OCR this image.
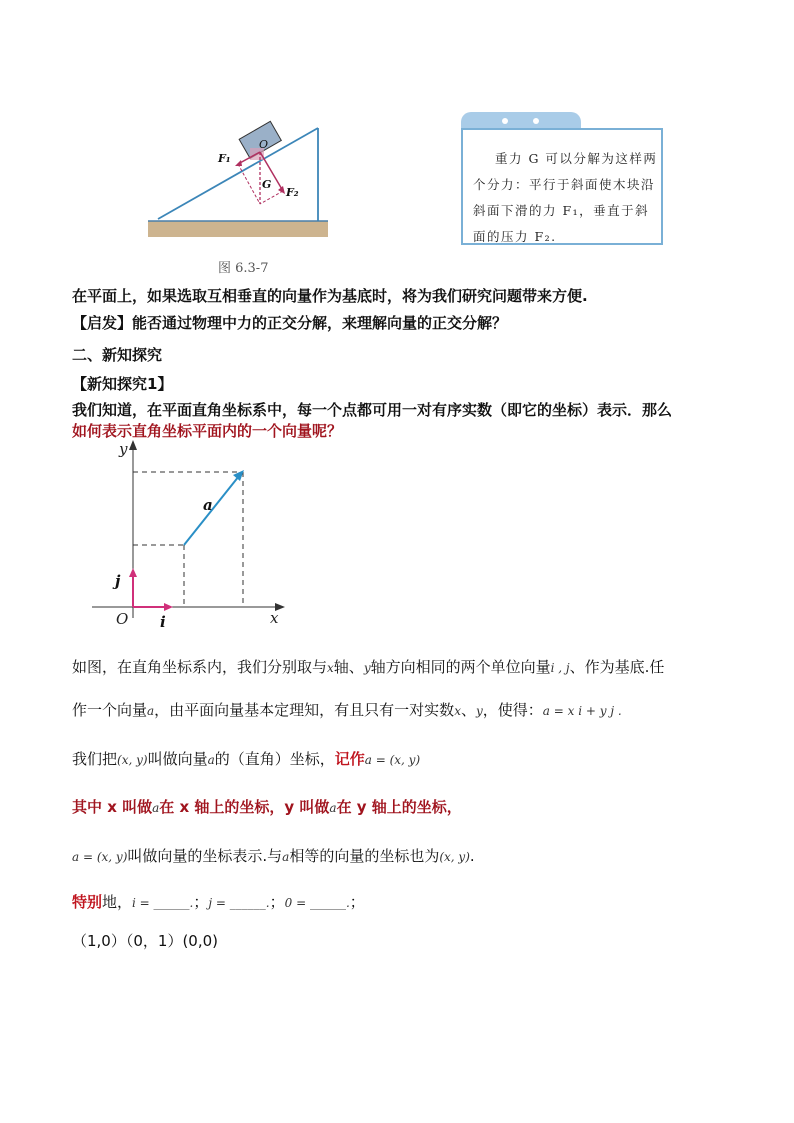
O
F₁
G
F₂
图 6.3-7
重力 G 可以分解为这样两个分力：平行于斜面使木块沿斜面下滑的力 F₁，垂直于斜面的压力 F₂.
在平面上，如果选取互相垂直的向量作为基底时，将为我们研究问题带来方便.
【启发】能否通过物理中力的正交分解，来理解向量的正交分解？
二、新知探究
【新知探究1】
我们知道，在平面直角坐标系中，每一个点都可用一对有序实数（即它的坐标）表示．那么
如何表示直角坐标平面内的一个向量呢？
y
x
O
a
i
j
如图，在直角坐标系内，我们分别取与x轴、y轴方向相同的两个单位向量i , j、作为基底.任
作一个向量a，由平面向量基本定理知，有且只有一对实数x、y，使得：a = x i + y j .
我们把(x, y)叫做向量a的（直角）坐标，记作a = (x, y)
其中 x 叫做a在 x 轴上的坐标，y 叫做a在 y 轴上的坐标，
a = (x, y)叫做向量的坐标表示.与a相等的向量的坐标也为(x, y).
特别地，i = ______.；j = ______.；0 = ______.；
（1,0）（0，1）(0,0)
